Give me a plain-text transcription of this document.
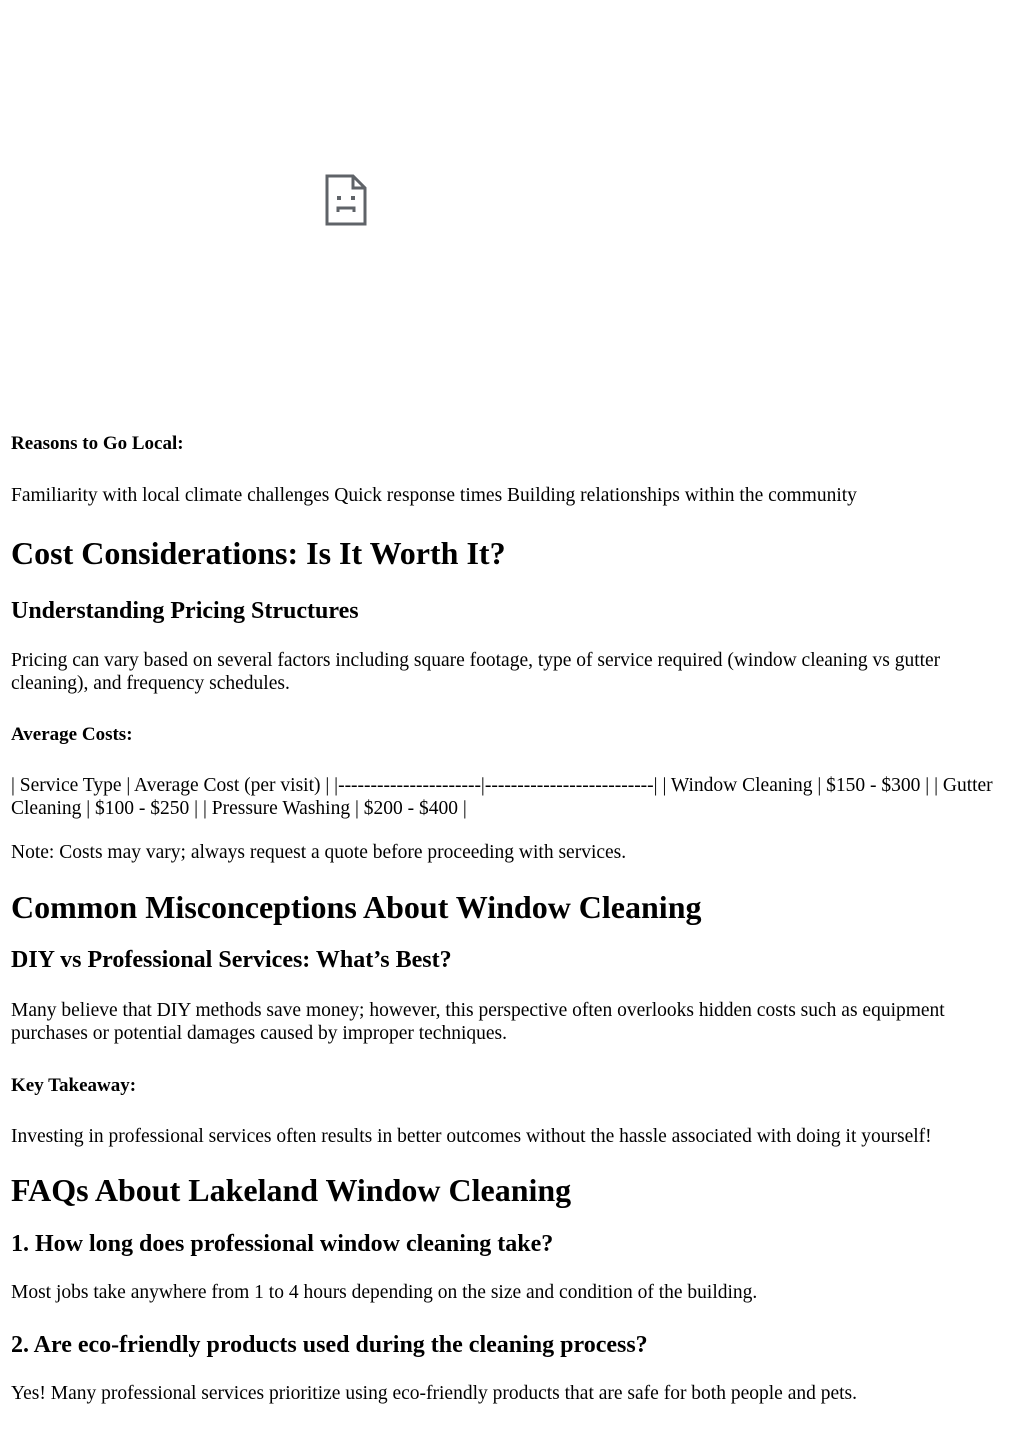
Reasons to Go Local:

Familiarity with local climate challenges Quick response times Building relationships within the community

Cost Considerations: Is It Worth It?
Understanding Pricing Structures

Pricing can vary based on several factors including square footage, type of service required (window cleaning vs gutter cleaning), and frequency schedules.

Average Costs:

| Service Type | Average Cost (per visit) | |----------------------|--------------------------| | Window Cleaning | $150 - $300 | | Gutter Cleaning | $100 - $250 | | Pressure Washing | $200 - $400 |

Note: Costs may vary; always request a quote before proceeding with services.

Common Misconceptions About Window Cleaning
DIY vs Professional Services: What’s Best?

Many believe that DIY methods save money; however, this perspective often overlooks hidden costs such as equipment purchases or potential damages caused by improper techniques.

Key Takeaway:

Investing in professional services often results in better outcomes without the hassle associated with doing it yourself!

FAQs About Lakeland Window Cleaning
1. How long does professional window cleaning take?

Most jobs take anywhere from 1 to 4 hours depending on the size and condition of the building.

2. Are eco-friendly products used during the cleaning process?

Yes! Many professional services prioritize using eco-friendly products that are safe for both people and pets.
